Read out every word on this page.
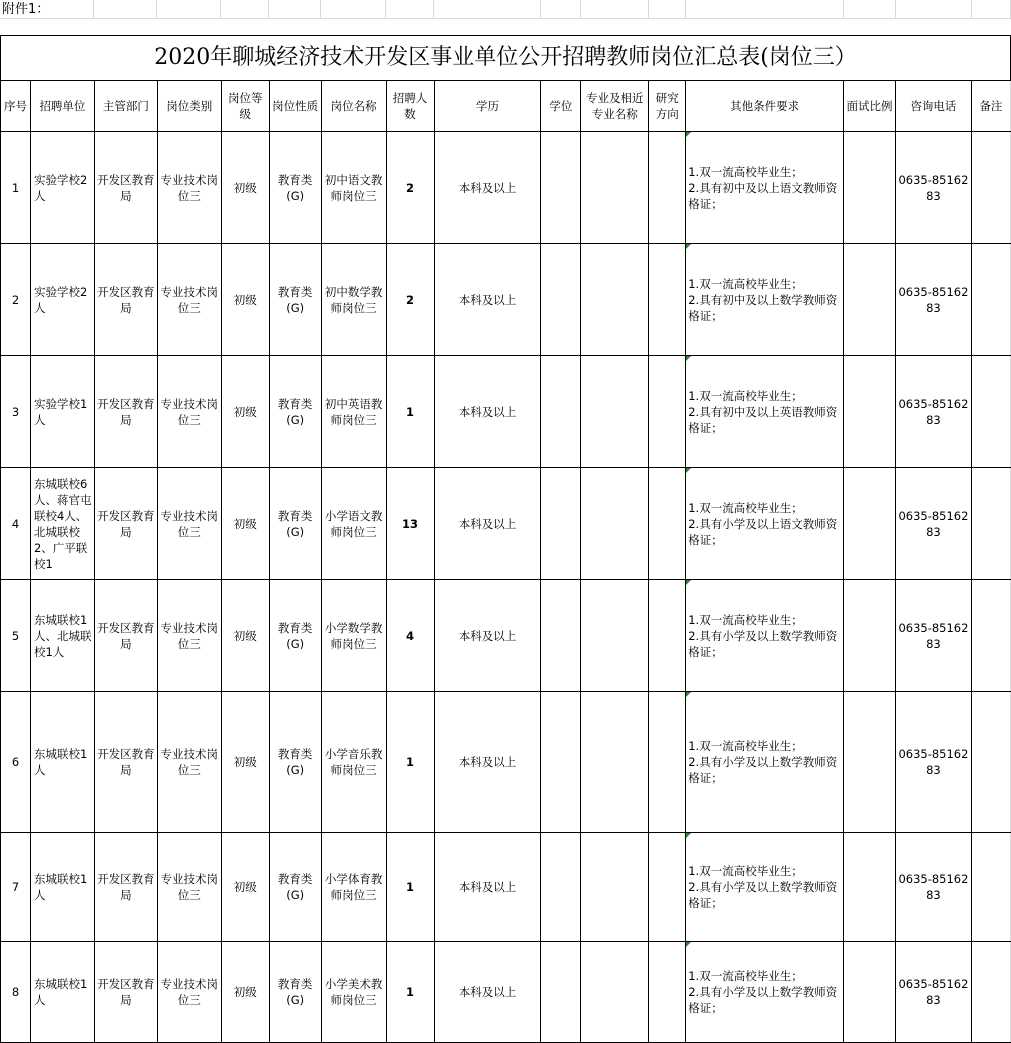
附件1：
2020年聊城经济技术开发区事业单位公开招聘教师岗位汇总表(岗位三）															
序号	招聘单位	主管部门	岗位类别	岗位等级	岗位性质	岗位名称	招聘人数	学历	学位	专业及相近专业名称	研究方向	其他条件要求	面试比例	咨询电话	备注
1	实验学校2人	开发区教育局	专业技术岗位三	初级	教育类(G)	初中语文教师岗位三	2	本科及以上				1.双一流高校毕业生；
2.具有初中及以上语文教师资格证；		0635-8516283	
2	实验学校2人	开发区教育局	专业技术岗位三	初级	教育类(G)	初中数学教师岗位三	2	本科及以上				1.双一流高校毕业生；
2.具有初中及以上数学教师资格证；		0635-8516283	
3	实验学校1人	开发区教育局	专业技术岗位三	初级	教育类(G)	初中英语教师岗位三	1	本科及以上				1.双一流高校毕业生；
2.具有初中及以上英语教师资格证；		0635-8516283	
4	东城联校6人、蒋官屯联校4人、北城联校2、广平联校1	开发区教育局	专业技术岗位三	初级	教育类(G)	小学语文教师岗位三	13	本科及以上				1.双一流高校毕业生；
2.具有小学及以上语文教师资格证；		0635-8516283	
5	东城联校1人、北城联校1人	开发区教育局	专业技术岗位三	初级	教育类(G)	小学数学教师岗位三	4	本科及以上				1.双一流高校毕业生；
2.具有小学及以上数学教师资格证；		0635-8516283	
6	东城联校1人	开发区教育局	专业技术岗位三	初级	教育类(G)	小学音乐教师岗位三	1	本科及以上				1.双一流高校毕业生；
2.具有小学及以上数学教师资格证；		0635-8516283	
7	东城联校1人	开发区教育局	专业技术岗位三	初级	教育类(G)	小学体育教师岗位三	1	本科及以上				1.双一流高校毕业生；
2.具有小学及以上数学教师资格证；		0635-8516283	
8	东城联校1人	开发区教育局	专业技术岗位三	初级	教育类(G)	小学美术教师岗位三	1	本科及以上				1.双一流高校毕业生；
2.具有小学及以上数学教师资格证；		0635-8516283	
